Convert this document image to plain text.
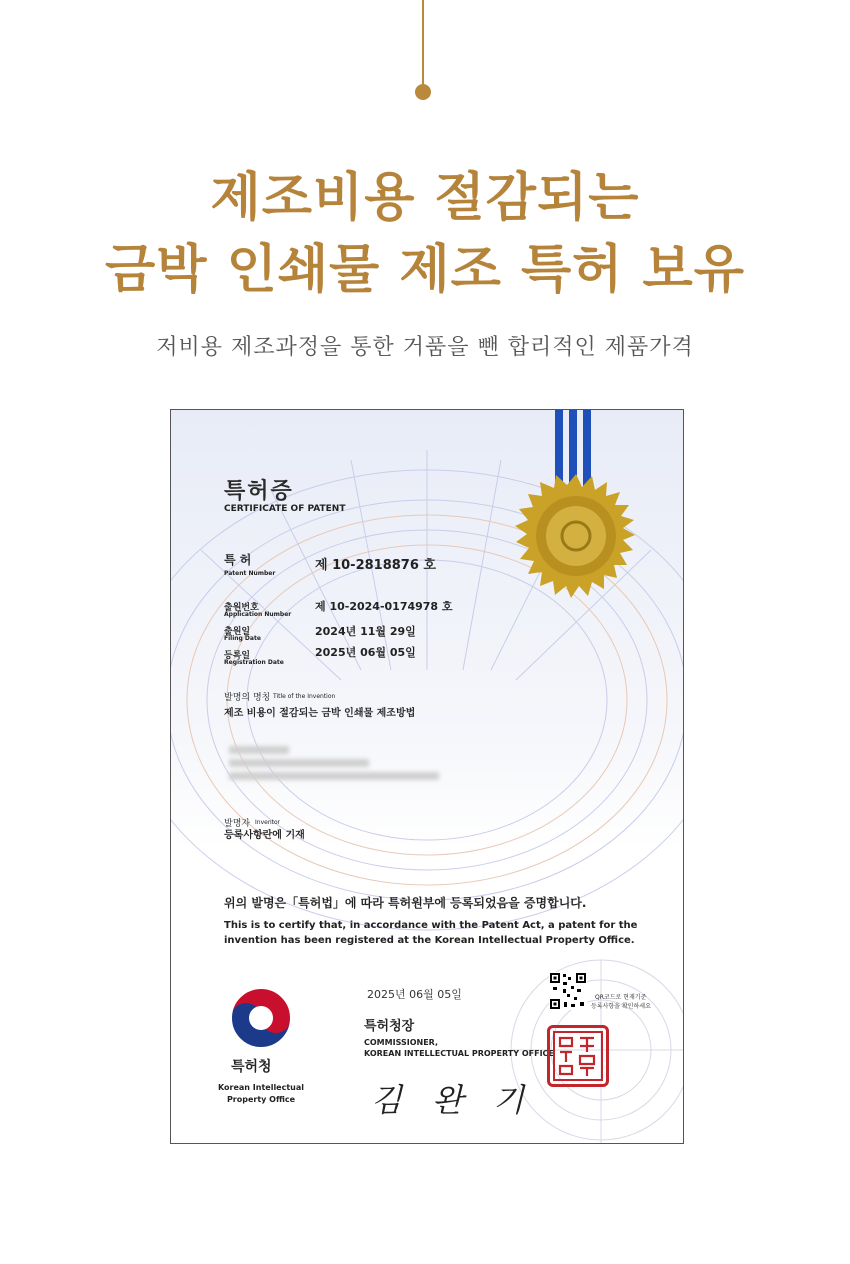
제조비용 절감되는
금박 인쇄물 제조 특허 보유
저비용 제조과정을 통한 거품을 뺀 합리적인 제품가격
특허증
CERTIFICATE OF PATENT
특 허
Patent Number
제 10-2818876 호
출원번호
Application Number
제 10-2024-0174978 호
출원일
Filing Date
2024년 11월 29일
등록일
Registration Date
2025년 06월 05일
발명의 명칭 Title of the Invention
제조 비용이 절감되는 금박 인쇄물 제조방법
발명자 Inventor
등록사항란에 기재
위의 발명은「특허법」에 따라 특허원부에 등록되었음을 증명합니다.
This is to certify that, in accordance with the Patent Act, a patent for the invention has been registered at the Korean Intellectual Property Office.
특허청
Korean Intellectual Property Office
2025년 06월 05일	QR코드로 현재기준
등록사항을 확인하세요
특허청장
COMMISSIONER,
KOREAN INTELLECTUAL PROPERTY OFFICE
김 완 기
